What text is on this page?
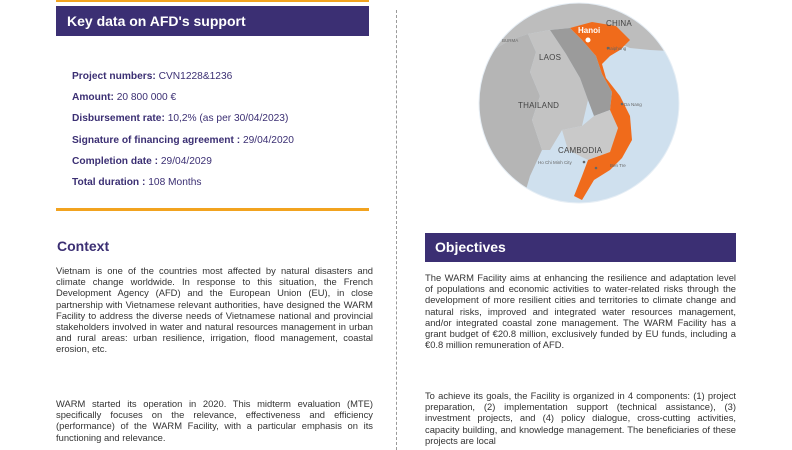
Key data on AFD's support
Project numbers: CVN1228&1236
Amount: 20 800 000 €
Disbursement rate: 10,2% (as per 30/04/2023)
Signature of financing agreement : 29/04/2020
Completion date : 29/04/2029
Total duration : 108 Months
CHINA
Hanoi
BURMA
Haiphong
LAOS
THAILAND	Da Nang
CAMBODIA
Ho Chi Minh City
Ben Tre
Context
Vietnam is one of the countries most affected by natural disasters and climate change worldwide. In response to this situation, the French Development Agency (AFD) and the European Union (EU), in close partnership with Vietnamese relevant authorities, have designed the WARM Facility to address the diverse needs of Vietnamese national and provincial stakeholders involved in water and natural resources management in urban and rural areas: urban resilience, irrigation, flood management, coastal erosion, etc.
WARM started its operation in 2020. This midterm evaluation (MTE) specifically focuses on the relevance, effectiveness and efficiency (performance) of the WARM Facility, with a particular emphasis on its functioning and relevance.
Objectives
The WARM Facility aims at enhancing the resilience and adaptation level of populations and economic activities to water-related risks through the development of more resilient cities and territories to climate change and natural risks, improved and integrated water resources management, and/or integrated coastal zone management. The WARM Facility has a grant budget of €20.8 million, exclusively funded by EU funds, including a €0.8 million remuneration of AFD.
To achieve its goals, the Facility is organized in 4 components: (1) project preparation, (2) implementation support (technical assistance), (3) investment projects, and (4) policy dialogue, cross-cutting activities, capacity building, and knowledge management. The beneficiaries of these projects are local
